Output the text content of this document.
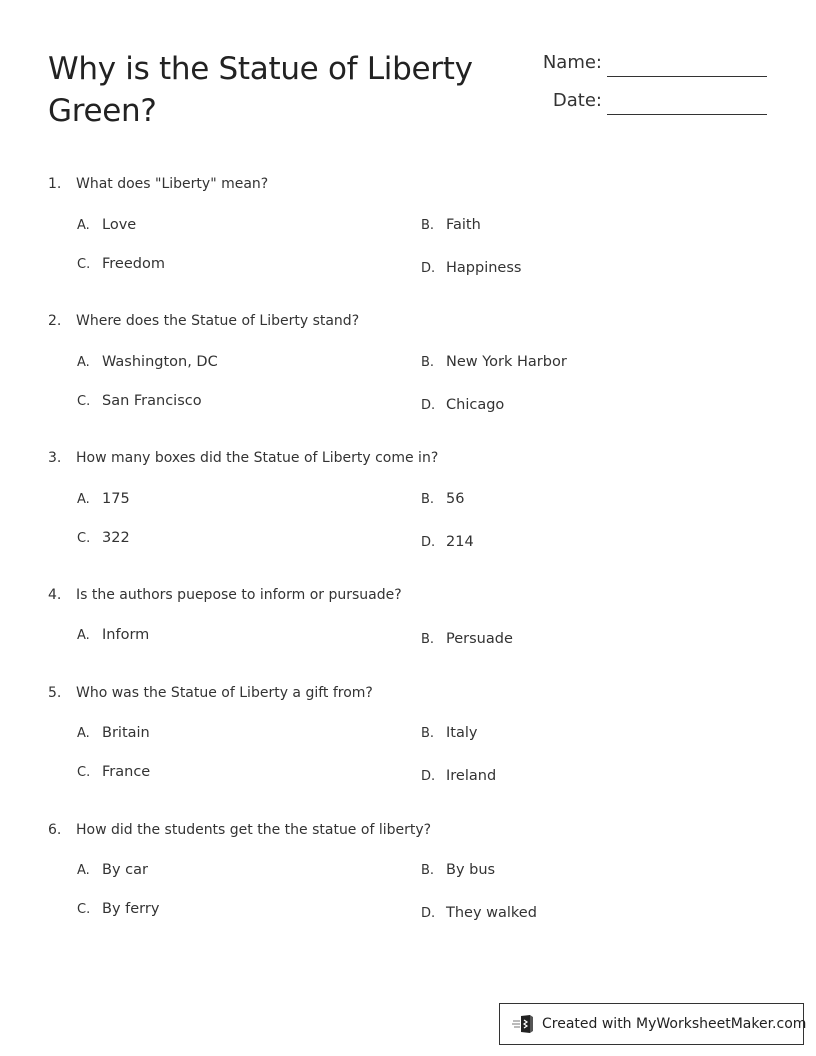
Why is the Statue of Liberty Green?
Name:
Date:
1. What does "Liberty" mean?
A. Love	B. Faith
C. Freedom	D. Happiness
2. Where does the Statue of Liberty stand?
A. Washington, DC	B. New York Harbor
C. San Francisco	D. Chicago
3. How many boxes did the Statue of Liberty come in?
A. 175	B. 56
C. 322	D. 214
4. Is the authors puepose to inform or pursuade?
A. Inform	B. Persuade
5. Who was the Statue of Liberty a gift from?
A. Britain	B. Italy
C. France	D. Ireland
6. How did the students get the the statue of liberty?
A. By car	B. By bus
C. By ferry	D. They walked
Created with MyWorksheetMaker.com
